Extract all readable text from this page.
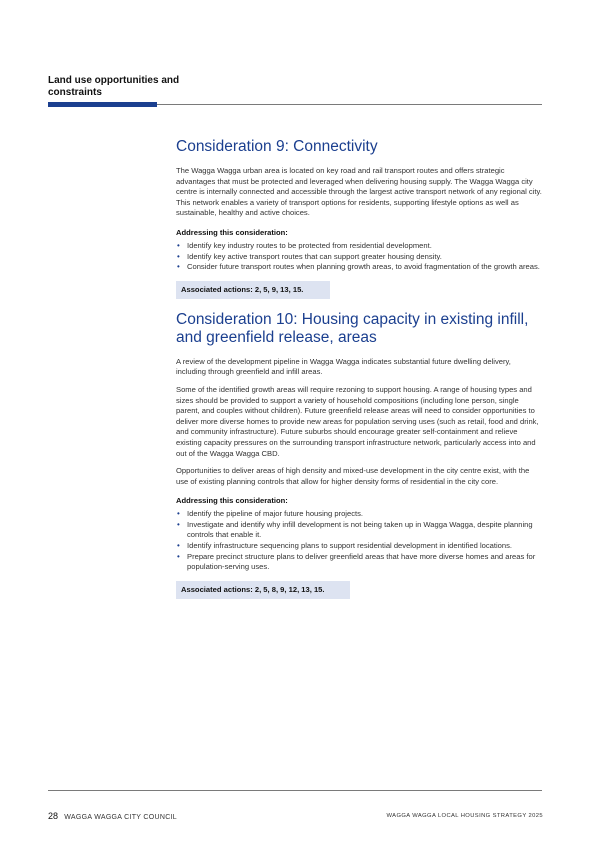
Land use opportunities and constraints
Consideration 9: Connectivity

The Wagga Wagga urban area is located on key road and rail transport routes and offers strategic advantages that must be protected and leveraged when delivering housing supply. The Wagga Wagga city centre is internally connected and accessible through the largest active transport network of any regional city. This network enables a variety of transport options for residents, supporting lifestyle options as well as sustainable, healthy and active choices.

Addressing this consideration:
• Identify key industry routes to be protected from residential development.
• Identify key active transport routes that can support greater housing density.
• Consider future transport routes when planning growth areas, to avoid fragmentation of the growth areas.
Associated actions: 2, 5, 9, 13, 15.
Consideration 10: Housing capacity in existing infill, and greenfield release, areas

A review of the development pipeline in Wagga Wagga indicates substantial future dwelling delivery, including through greenfield and infill areas.

Some of the identified growth areas will require rezoning to support housing. A range of housing types and sizes should be provided to support a variety of household compositions (including lone person, single parent, and couples without children). Future greenfield release areas will need to consider opportunities to deliver more diverse homes to provide new areas for population serving uses (such as retail, food and drink, and community infrastructure). Future suburbs should encourage greater self-containment and relieve existing capacity pressures on the surrounding transport infrastructure network, particularly access into and out of the Wagga Wagga CBD.

Opportunities to deliver areas of high density and mixed-use development in the city centre exist, with the use of existing planning controls that allow for higher density forms of residential in the city core.

Addressing this consideration:
• Identify the pipeline of major future housing projects.
• Investigate and identify why infill development is not being taken up in Wagga Wagga, despite planning controls that enable it.
• Identify infrastructure sequencing plans to support residential development in identified locations.
• Prepare precinct structure plans to deliver greenfield areas that have more diverse homes and areas for population-serving uses.
Associated actions: 2, 5, 8, 9, 12, 13, 15.
28 WAGGA WAGGA CITY COUNCIL	WAGGA WAGGA LOCAL HOUSING STRATEGY 2025
